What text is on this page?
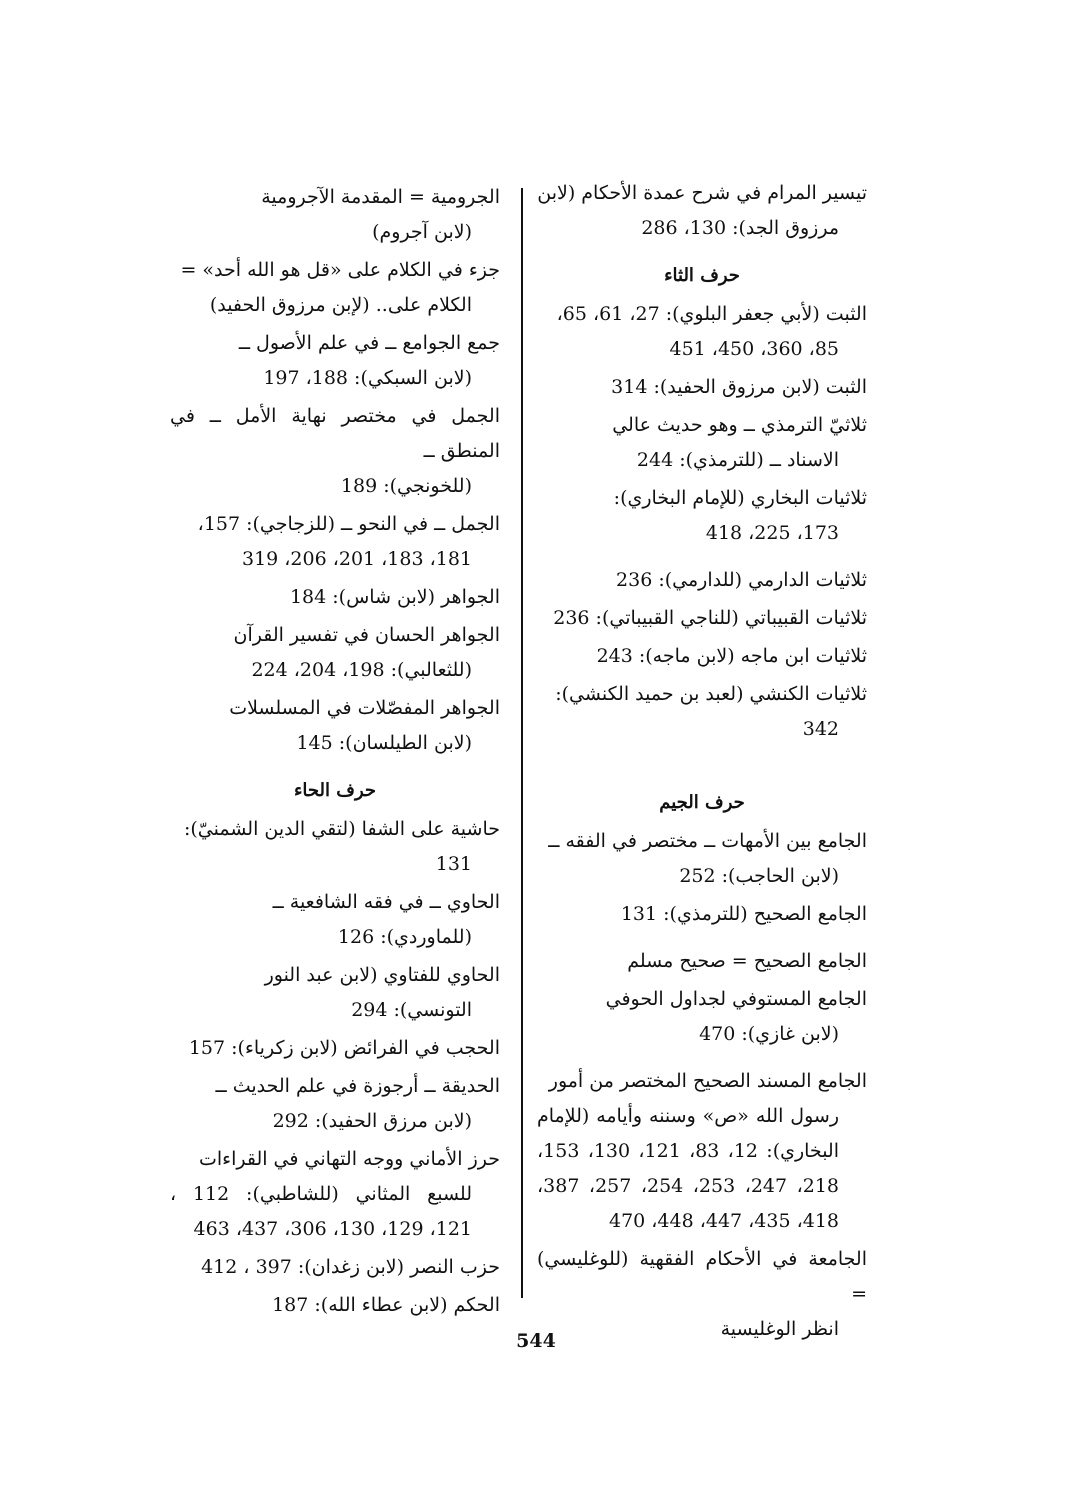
تيسير المرام في شرح عمدة الأحكام (لابن
مرزوق الجد): 130، 286
حرف الثاء
الثبت (لأبي جعفر البلوي): 27، 61، 65،
85، 360، 450، 451
الثبت (لابن مرزوق الحفيد): 314
ثلاثيّ الترمذي ــ وهو حديث عالي
الاسناد ــ (للترمذي): 244
ثلاثيات البخاري (للإمام البخاري):
173، 225، 418
ثلاثيات الدارمي (للدارمي): 236
ثلاثيات القبيباتي (للناجي القبيباتي): 236
ثلاثيات ابن ماجه (لابن ماجه): 243
ثلاثيات الكنشي (لعبد بن حميد الكنشي):
342
حرف الجيم
الجامع بين الأمهات ــ مختصر في الفقه ــ
(لابن الحاجب): 252
الجامع الصحيح (للترمذي): 131
الجامع الصحيح = صحيح مسلم
الجامع المستوفي لجداول الحوفي
(لابن غازي): 470
الجامع المسند الصحيح المختصر من أمور
رسول الله «ص» وسننه وأيامه (للإمام البخاري): 12، 83، 121، 130، 153، 218، 247، 253، 254، 257، 387، 418، 435، 447، 448، 470
الجامعة في الأحكام الفقهية (للوغليسي) =
انظر الوغليسية
الجرومية = المقدمة الآجرومية
(لابن آجروم)
جزء في الكلام على «قل هو الله أحد» =
الكلام على.. (لإبن مرزوق الحفيد)
جمع الجوامع ــ في علم الأصول ــ
(لابن السبكي): 188، 197
الجمل في مختصر نهاية الأمل ــ في المنطق ــ
(للخونجي): 189
الجمل ــ في النحو ــ (للزجاجي): 157،
181، 183، 201، 206، 319
الجواهر (لابن شاس): 184
الجواهر الحسان في تفسير القرآن
(للثعالبي): 198، 204، 224
الجواهر المفصّلات في المسلسلات
(لابن الطيلسان): 145
حرف الحاء
حاشية على الشفا (لتقي الدين الشمنيّ):
131
الحاوي ــ في فقه الشافعية ــ
(للماوردي): 126
الحاوي للفتاوي (لابن عبد النور
التونسي): 294
الحجب في الفرائض (لابن زكرياء): 157
الحديقة ــ أرجوزة في علم الحديث ــ
(لابن مرزق الحفيد): 292
حرز الأماني ووجه التهاني في القراءات
للسبع المثاني (للشاطبي): 112 ، 121، 129، 130، 306، 437، 463
حزب النصر (لابن زغدان): 397 ، 412
الحكم (لابن عطاء الله): 187
544
